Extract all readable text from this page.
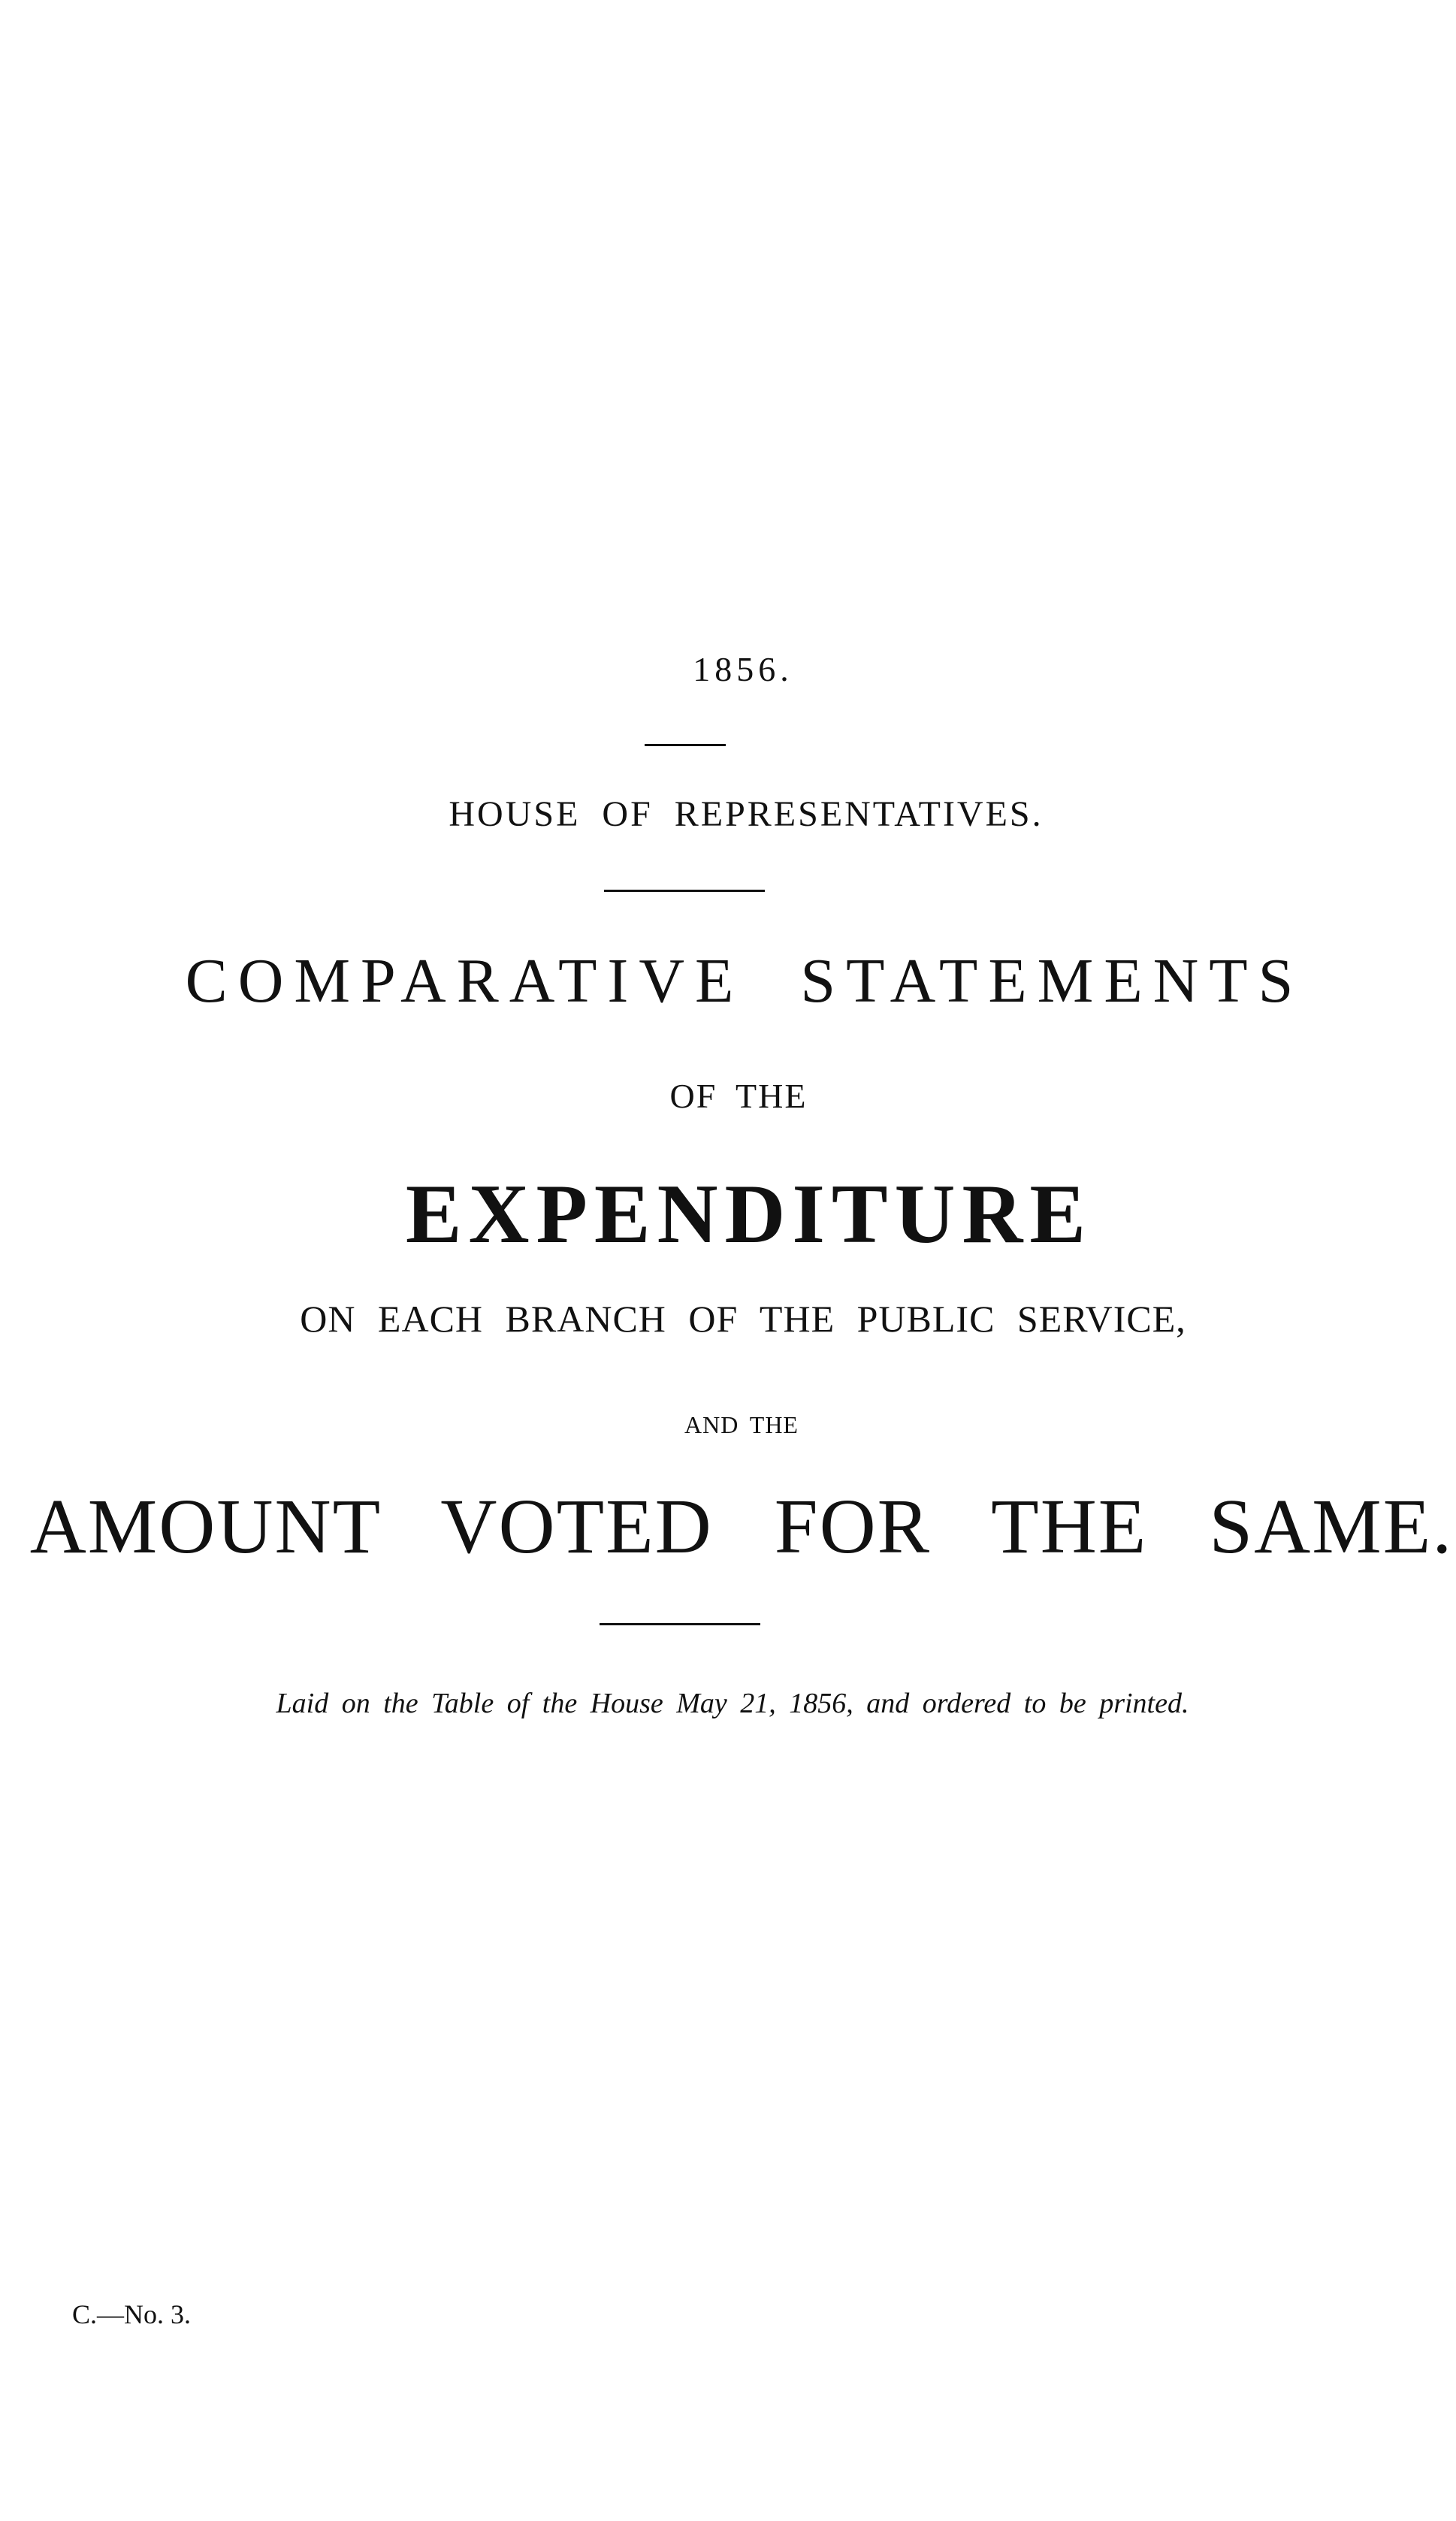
1856.
HOUSE OF REPRESENTATIVES.
COMPARATIVE STATEMENTS
OF THE
EXPENDITURE
ON EACH BRANCH OF THE PUBLIC SERVICE,
AND THE
AMOUNT VOTED FOR THE SAME.
Laid on the Table of the House May 21, 1856, and ordered to be printed.
C.—No. 3.
